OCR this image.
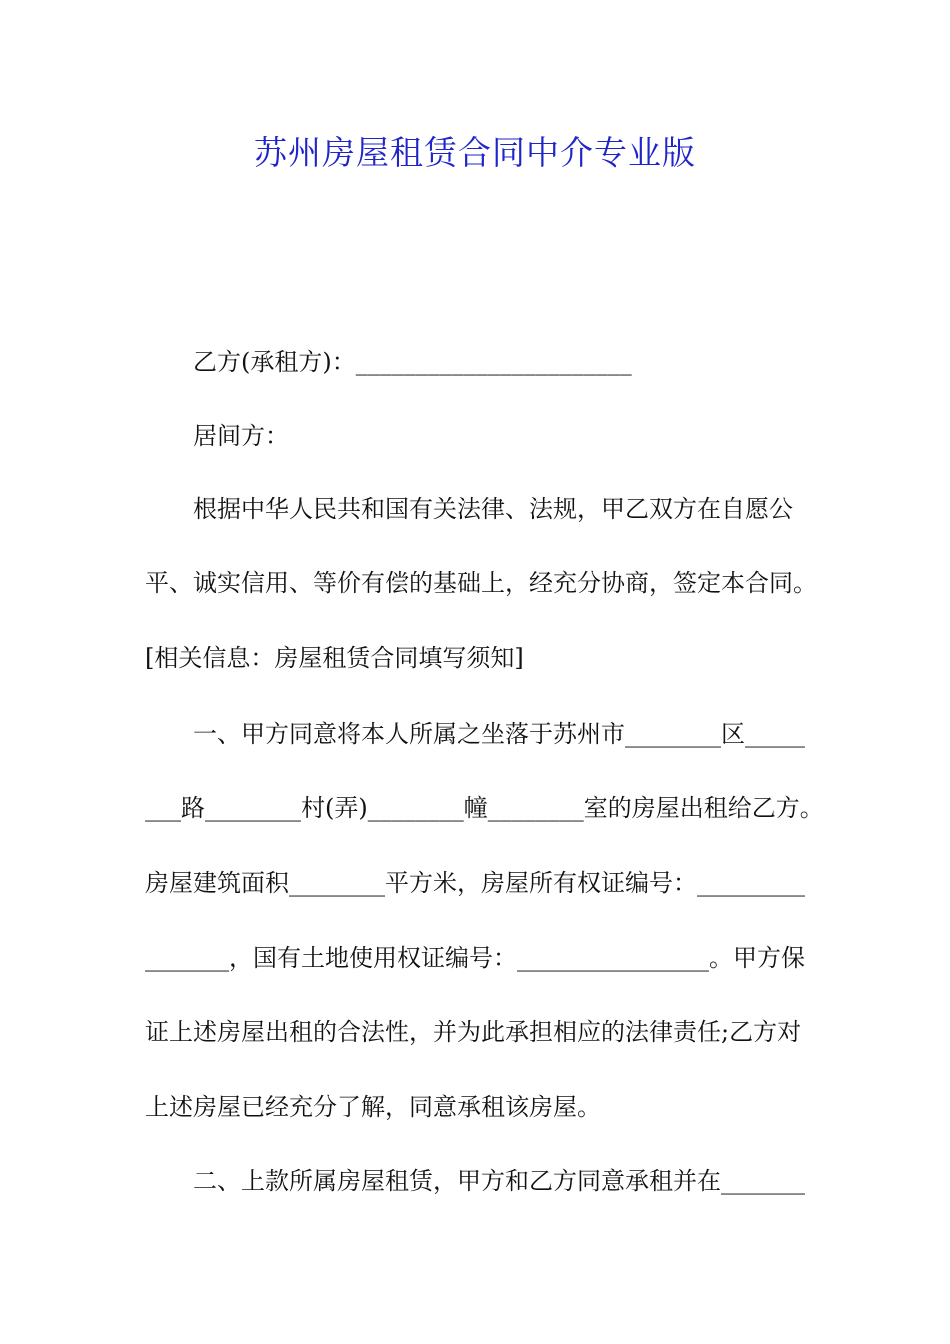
苏州房屋租赁合同中介专业版

乙方(承租方)：_______________________

居间方：

根据中华人民共和国有关法律、法规，甲乙双方在自愿公

平、诚实信用、等价有偿的基础上，经充分协商，签定本合同。

[相关信息：房屋租赁合同填写须知]

一、甲方同意将本人所属之坐落于苏州市________区_____

___路________村(弄)________幢________室的房屋出租给乙方。

房屋建筑面积________平方米，房屋所有权证编号：_________

_______，国有土地使用权证编号：________________。甲方保

证上述房屋出租的合法性，并为此承担相应的法律责任;乙方对

上述房屋已经充分了解，同意承租该房屋。

二、上款所属房屋租赁，甲方和乙方同意承租并在_______
